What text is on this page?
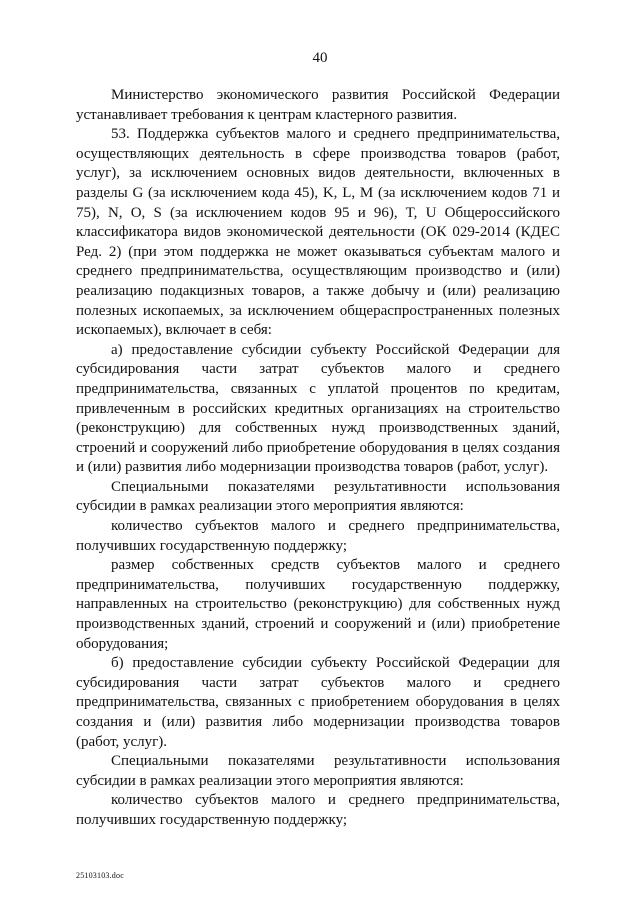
40

Министерство экономического развития Российской Федерации устанавливает требования к центрам кластерного развития.

53. Поддержка субъектов малого и среднего предпринимательства, осуществляющих деятельность в сфере производства товаров (работ, услуг), за исключением основных видов деятельности, включенных в разделы G (за исключением кода 45), K, L, M (за исключением кодов 71 и 75), N, O, S (за исключением кодов 95 и 96), T, U Общероссийского классификатора видов экономической деятельности (ОК 029-2014 (КДЕС Ред. 2) (при этом поддержка не может оказываться субъектам малого и среднего предпринимательства, осуществляющим производство и (или) реализацию подакцизных товаров, а также добычу и (или) реализацию полезных ископаемых, за исключением общераспространенных полезных ископаемых), включает в себя:

а) предоставление субсидии субъекту Российской Федерации для субсидирования части затрат субъектов малого и среднего предпринимательства, связанных с уплатой процентов по кредитам, привлеченным в российских кредитных организациях на строительство (реконструкцию) для собственных нужд производственных зданий, строений и сооружений либо приобретение оборудования в целях создания и (или) развития либо модернизации производства товаров (работ, услуг).

Специальными показателями результативности использования субсидии в рамках реализации этого мероприятия являются:

количество субъектов малого и среднего предпринимательства, получивших государственную поддержку;

размер собственных средств субъектов малого и среднего предпринимательства, получивших государственную поддержку, направленных на строительство (реконструкцию) для собственных нужд производственных зданий, строений и сооружений и (или) приобретение оборудования;

б) предоставление субсидии субъекту Российской Федерации для субсидирования части затрат субъектов малого и среднего предпринимательства, связанных с приобретением оборудования в целях создания и (или) развития либо модернизации производства товаров (работ, услуг).

Специальными показателями результативности использования субсидии в рамках реализации этого мероприятия являются:

количество субъектов малого и среднего предпринимательства, получивших государственную поддержку;

25103103.doc
